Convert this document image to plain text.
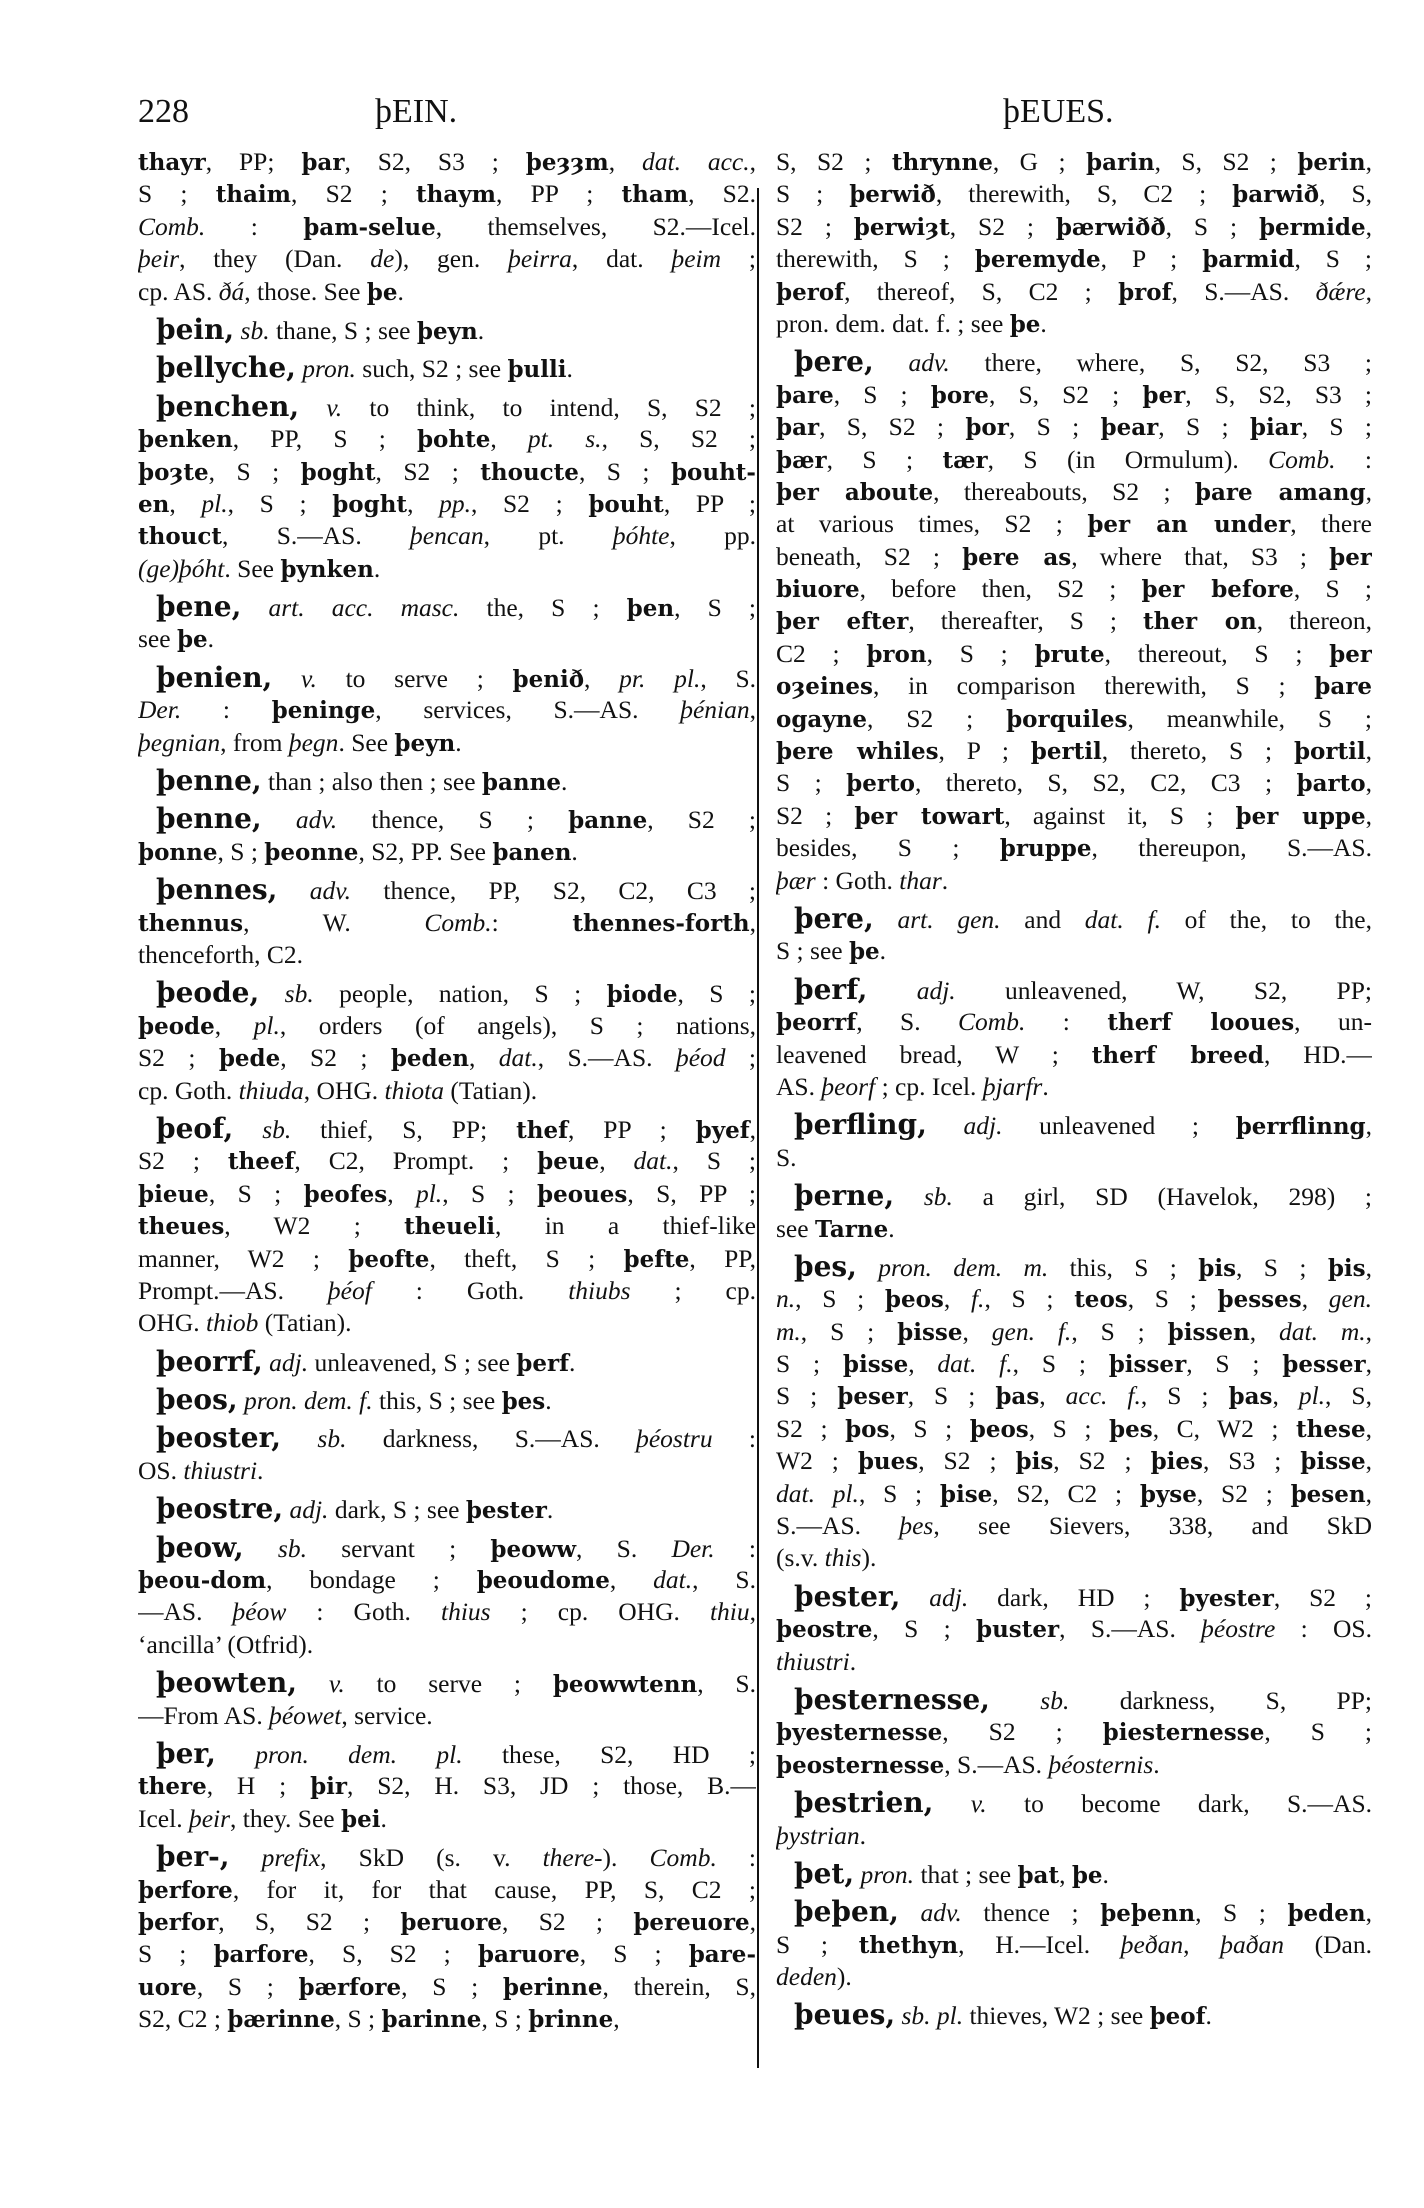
228	þEIN.	þEUES.
thayr, PP; þar, S2, S3 ; þeȝȝm, dat. acc.,
S ; thaim, S2 ; thaym, PP ; tham, S2.
Comb. : þam-selue, themselves, S2.—Icel.
þeir, they (Dan. de), gen. þeirra, dat. þeim ;
cp. AS. ðá, those. See þe.
þein, sb. thane, S ; see þeyn.
þellyche, pron. such, S2 ; see þulli.
þenchen, v. to think, to intend, S, S2 ;
þenken, PP, S ; þohte, pt. s., S, S2 ;
þoȝte, S ; þoght, S2 ; thoucte, S ; þouht-
en, pl., S ; þoght, pp., S2 ; þouht, PP ;
thouct, S.—AS. þencan, pt. þóhte, pp.
(ge)þóht. See þynken.
þene, art. acc. masc. the, S ; þen, S ;
see þe.
þenien, v. to serve ; þenið, pr. pl., S.
Der. : þeninge, services, S.—AS. þénian,
þegnian, from þegn. See þeyn.
þenne, than ; also then ; see þanne.
þenne, adv. thence, S ; þanne, S2 ;
þonne, S ; þeonne, S2, PP. See þanen.
þennes, adv. thence, PP, S2, C2, C3 ;
thennus, W. Comb.: thennes-forth,
thenceforth, C2.
þeode, sb. people, nation, S ; þiode, S ;
þeode, pl., orders (of angels), S ; nations,
S2 ; þede, S2 ; þeden, dat., S.—AS. þéod ;
cp. Goth. thiuda, OHG. thiota (Tatian).
þeof, sb. thief, S, PP; thef, PP ; þyef,
S2 ; theef, C2, Prompt. ; þeue, dat., S ;
þieue, S ; þeofes, pl., S ; þeoues, S, PP ;
theues, W2 ; theueli, in a thief-like
manner, W2 ; þeofte, theft, S ; þefte, PP,
Prompt.—AS. þéof : Goth. thiubs ; cp.
OHG. thiob (Tatian).
þeorrf, adj. unleavened, S ; see þerf.
þeos, pron. dem. f. this, S ; see þes.
þeoster, sb. darkness, S.—AS. þéostru :
OS. thiustri.
þeostre, adj. dark, S ; see þester.
þeow, sb. servant ; þeoww, S. Der. :
þeou-dom, bondage ; þeoudome, dat., S.
—AS. þéow : Goth. thius ; cp. OHG. thiu,
‘ancilla’ (Otfrid).
þeowten, v. to serve ; þeowwtenn, S.
—From AS. þéowet, service.
þer, pron. dem. pl. these, S2, HD ;
there, H ; þir, S2, H. S3, JD ; those, B.—
Icel. þeir, they. See þei.
þer-, prefix, SkD (s. v. there-). Comb. :
þerfore, for it, for that cause, PP, S, C2 ;
þerfor, S, S2 ; þeruore, S2 ; þereuore,
S ; þarfore, S, S2 ; þaruore, S ; þare-
uore, S ; þærfore, S ; þerinne, therein, S,
S2, C2 ; þærinne, S ; þarinne, S ; þrinne,
S, S2 ; thrynne, G ; þarin, S, S2 ; þerin,
S ; þerwið, therewith, S, C2 ; þarwið, S,
S2 ; þerwiȝt, S2 ; þærwiðð, S ; þermide,
therewith, S ; þeremyde, P ; þarmid, S ;
þerof, thereof, S, C2 ; þrof, S.—AS. ðǽre,
pron. dem. dat. f. ; see þe.
þere, adv. there, where, S, S2, S3 ;
þare, S ; þore, S, S2 ; þer, S, S2, S3 ;
þar, S, S2 ; þor, S ; þear, S ; þiar, S ;
þær, S ; tær, S (in Ormulum). Comb. :
þer aboute, thereabouts, S2 ; þare amang,
at various times, S2 ; þer an under, there
beneath, S2 ; þere as, where that, S3 ; þer
biuore, before then, S2 ; þer before, S ;
þer efter, thereafter, S ; ther on, thereon,
C2 ; þron, S ; þrute, thereout, S ; þer
oȝeines, in comparison therewith, S ; þare
ogayne, S2 ; þorquiles, meanwhile, S ;
þere whiles, P ; þertil, thereto, S ; þortil,
S ; þerto, thereto, S, S2, C2, C3 ; þarto,
S2 ; þer towart, against it, S ; þer uppe,
besides, S ; þruppe, thereupon, S.—AS.
þær : Goth. thar.
þere, art. gen. and dat. f. of the, to the,
S ; see þe.
þerf, adj. unleavened, W, S2, PP;
þeorrf, S. Comb. : therf looues, un-
leavened bread, W ; therf breed, HD.—
AS. þeorf ; cp. Icel. þjarfr.
þerfling, adj. unleavened ; þerrflinng,
S.
þerne, sb. a girl, SD (Havelok, 298) ;
see Tarne.
þes, pron. dem. m. this, S ; þis, S ; þis,
n., S ; þeos, f., S ; teos, S ; þesses, gen.
m., S ; þisse, gen. f., S ; þissen, dat. m.,
S ; þisse, dat. f., S ; þisser, S ; þesser,
S ; þeser, S ; þas, acc. f., S ; þas, pl., S,
S2 ; þos, S ; þeos, S ; þes, C, W2 ; these,
W2 ; þues, S2 ; þis, S2 ; þies, S3 ; þisse,
dat. pl., S ; þise, S2, C2 ; þyse, S2 ; þesen,
S.—AS. þes, see Sievers, 338, and SkD
(s.v. this).
þester, adj. dark, HD ; þyester, S2 ;
þeostre, S ; þuster, S.—AS. þéostre : OS.
thiustri.
þesternesse, sb. darkness, S, PP;
þyesternesse, S2 ; þiesternesse, S ;
þeosternesse, S.—AS. þéosternis.
þestrien, v. to become dark, S.—AS.
þystrian.
þet, pron. that ; see þat, þe.
þeþen, adv. thence ; þeþenn, S ; þeden,
S ; thethyn, H.—Icel. þeðan, þaðan (Dan.
deden).
þeues, sb. pl. thieves, W2 ; see þeof.
